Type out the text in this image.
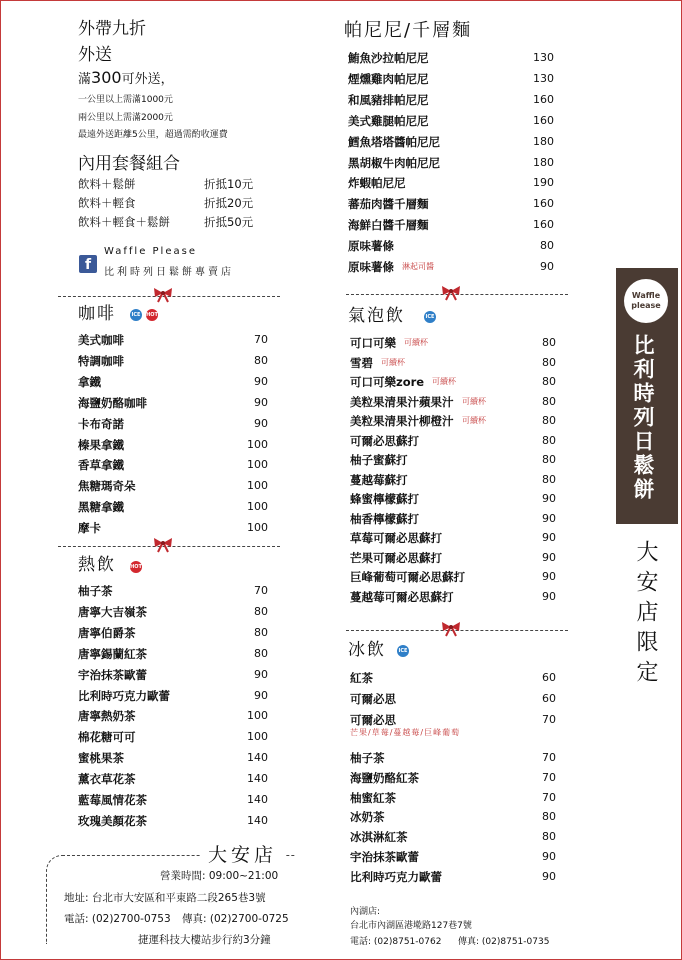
外帶九折
外送
滿300可外送，
一公里以上需滿1000元
兩公里以上需滿2000元
最遠外送距離5公里，超過需酌收運費
內用套餐組合
飲料＋鬆餅	折抵10元
飲料＋輕食	折抵20元
飲料＋輕食＋鬆餅	折抵50元
f
Waffle Please
比利時列日鬆餅專賣店
咖啡	ICE	HOT
美式咖啡	70
特調咖啡	80
拿鐵	90
海鹽奶酪咖啡	90
卡布奇諾	90
榛果拿鐵	100
香草拿鐵	100
焦糖瑪奇朵	100
黑糖拿鐵	100
摩卡	100
熱飲	HOT
柚子茶	70
唐寧大吉嶺茶	80
唐寧伯爵茶	80
唐寧錫蘭紅茶	80
宇治抹茶歐蕾	90
比利時巧克力歐蕾	90
唐寧熱奶茶	100
棉花糖可可	100
蜜桃果茶	140
薰衣草花茶	140
藍莓風情花茶	140
玫瑰美顏花茶	140
大安店
營業時間: 09:00~21:00
地址: 台北市大安區和平東路二段265巷3號
電話: (02)2700-0753 傳真: (02)2700-0725
捷運科技大樓站步行約3分鐘
帕尼尼/千層麵
鮪魚沙拉帕尼尼	130
煙燻雞肉帕尼尼	130
和風豬排帕尼尼	160
美式雞腿帕尼尼	160
鱈魚塔塔醬帕尼尼	180
黑胡椒牛肉帕尼尼	180
炸蝦帕尼尼	190
蕃茄肉醬千層麵	160
海鮮白醬千層麵	160
原味薯條	80
原味薯條 淋起司醬	90
氣泡飲	ICE
可口可樂 可續杯	80
雪碧 可續杯	80
可口可樂zore 可續杯	80
美粒果清果汁蘋果汁 可續杯	80
美粒果清果汁柳橙汁 可續杯	80
可爾必思蘇打	80
柚子蜜蘇打	80
蔓越莓蘇打	80
蜂蜜檸檬蘇打	90
柚香檸檬蘇打	90
草莓可爾必思蘇打	90
芒果可爾必思蘇打	90
巨峰葡萄可爾必思蘇打	90
蔓越莓可爾必思蘇打	90
冰飲	ICE
紅茶	60
可爾必思	60
可爾必思	70
芒果/草莓/蔓越莓/巨峰葡萄
柚子茶	70
海鹽奶酪紅茶	70
柚蜜紅茶	70
冰奶茶	80
冰淇淋紅茶	80
宇治抹茶歐蕾	90
比利時巧克力歐蕾	90
內湖店:
台北市內湖區港墘路127巷7號
電話: (02)8751-0762 傳真: (02)8751-0735
Waffle
please
比利時列日鬆餅
大安店限定
